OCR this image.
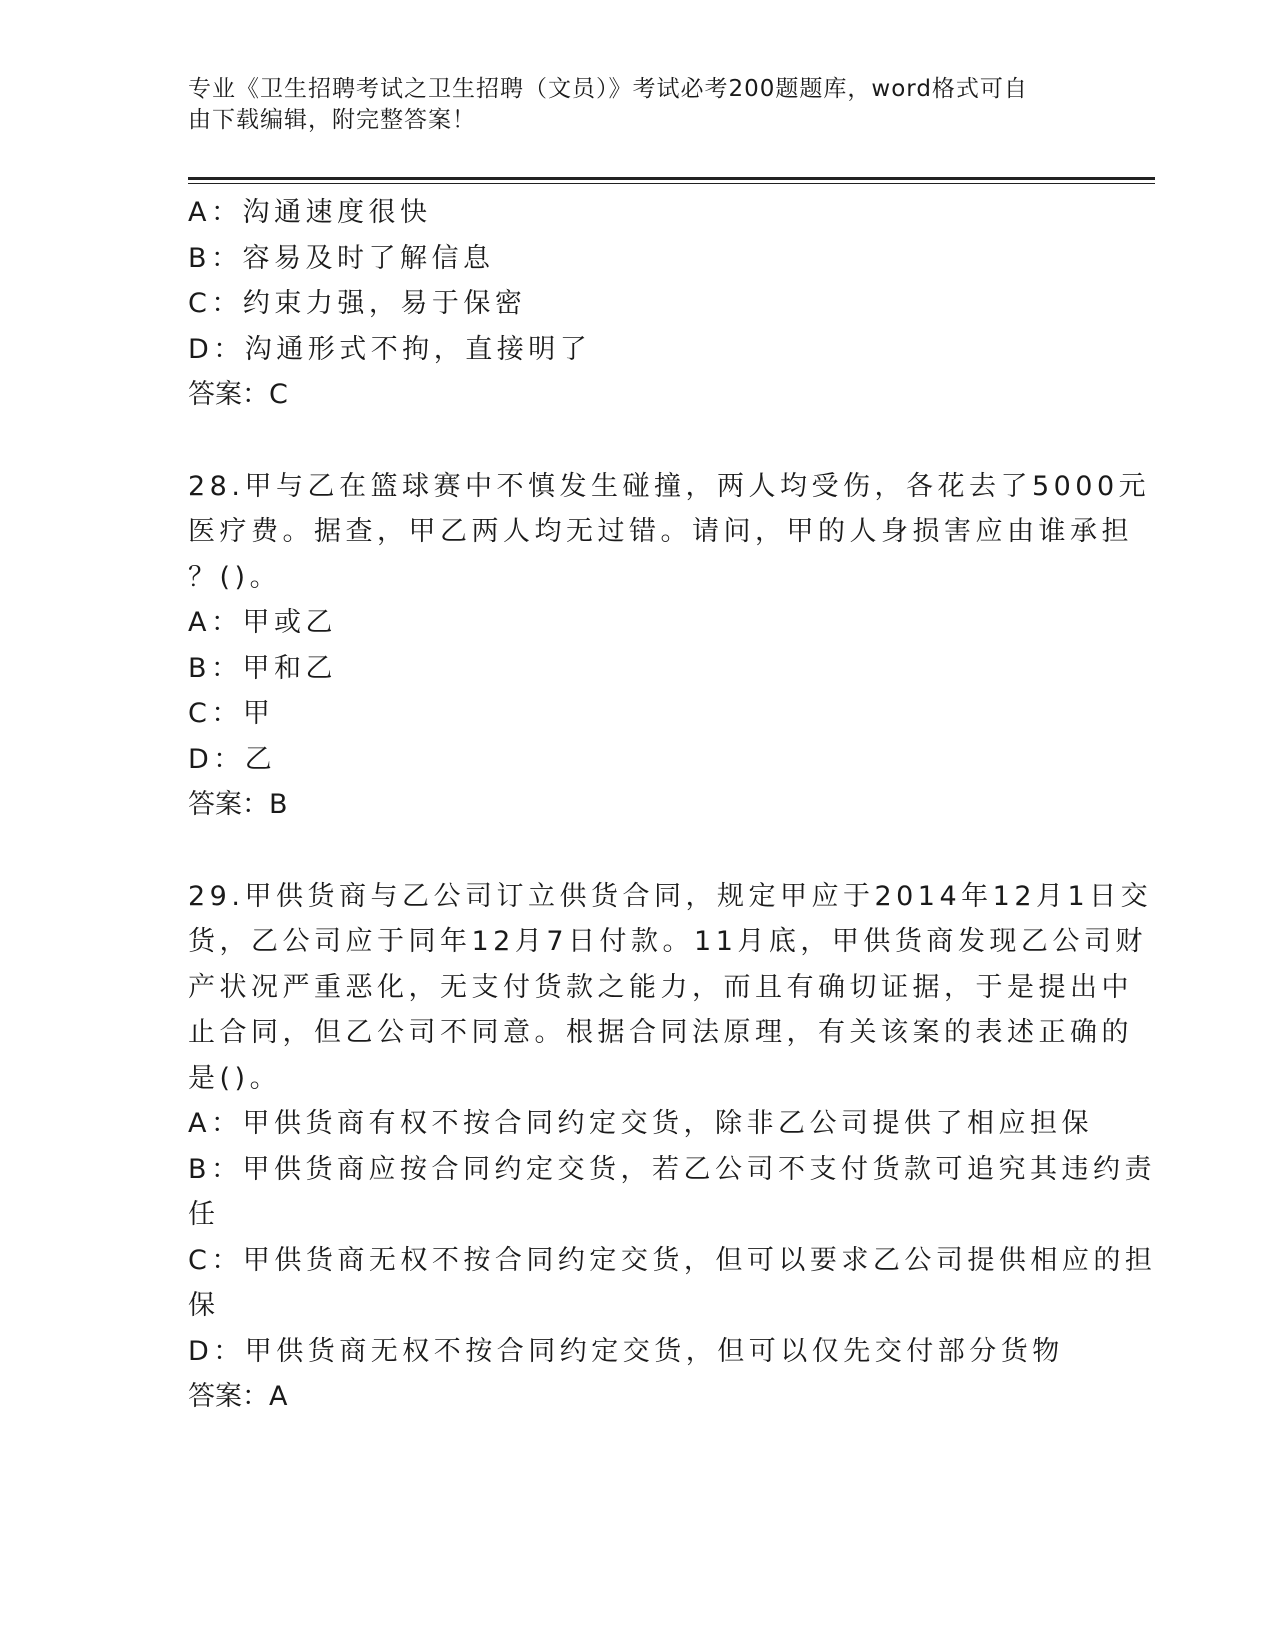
专业《卫生招聘考试之卫生招聘（文员）》考试必考200题题库，word格式可自
由下载编辑，附完整答案！
A：沟通速度很快
B：容易及时了解信息
C：约束力强，易于保密
D：沟通形式不拘，直接明了
答案：C
28.甲与乙在篮球赛中不慎发生碰撞，两人均受伤，各花去了5000元
医疗费。据查，甲乙两人均无过错。请问，甲的人身损害应由谁承担
？()。
A：甲或乙
B：甲和乙
C：甲
D：乙
答案：B
29.甲供货商与乙公司订立供货合同，规定甲应于2014年12月1日交
货，乙公司应于同年12月7日付款。11月底，甲供货商发现乙公司财
产状况严重恶化，无支付货款之能力，而且有确切证据，于是提出中
止合同，但乙公司不同意。根据合同法原理，有关该案的表述正确的
是()。
A：甲供货商有权不按合同约定交货，除非乙公司提供了相应担保
B：甲供货商应按合同约定交货，若乙公司不支付货款可追究其违约责
任
C：甲供货商无权不按合同约定交货，但可以要求乙公司提供相应的担
保
D：甲供货商无权不按合同约定交货，但可以仅先交付部分货物
答案：A
